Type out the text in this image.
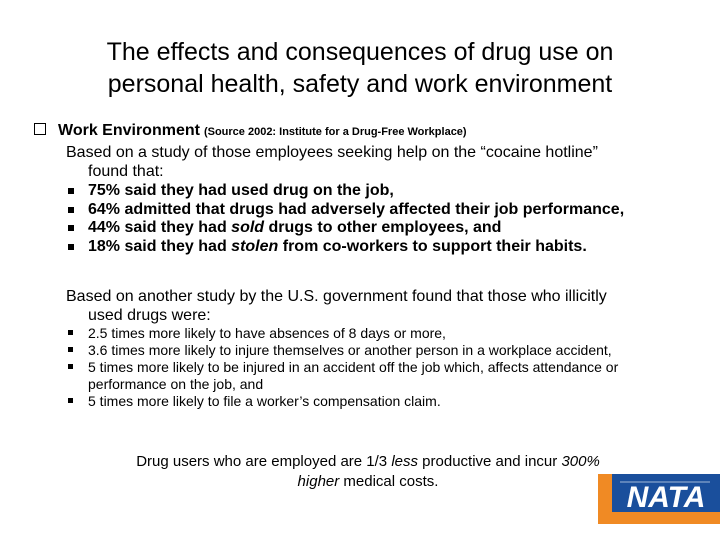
The effects and consequences of drug use on
personal health, safety and work environment
Work Environment (Source 2002: Institute for a Drug-Free Workplace)
Based on a study of those employees seeking help on the “cocaine hotline”
found that:
75% said they had used drug on the job,
64% admitted that drugs had adversely affected their job performance,
44% said they had sold drugs to other employees, and
18% said they had stolen from co-workers to support their habits.
Based on another study by the U.S. government found that those who illicitly
used drugs were:
2.5 times more likely to have absences of 8 days or more,
3.6 times more likely to injure themselves or another person in a workplace accident,
5 times more likely to be injured in an accident off the job which, affects attendance or performance on the job, and
5 times more likely to file a worker’s compensation claim.
Drug users who are employed are 1/3 less productive and incur 300% higher medical costs.	NATA
